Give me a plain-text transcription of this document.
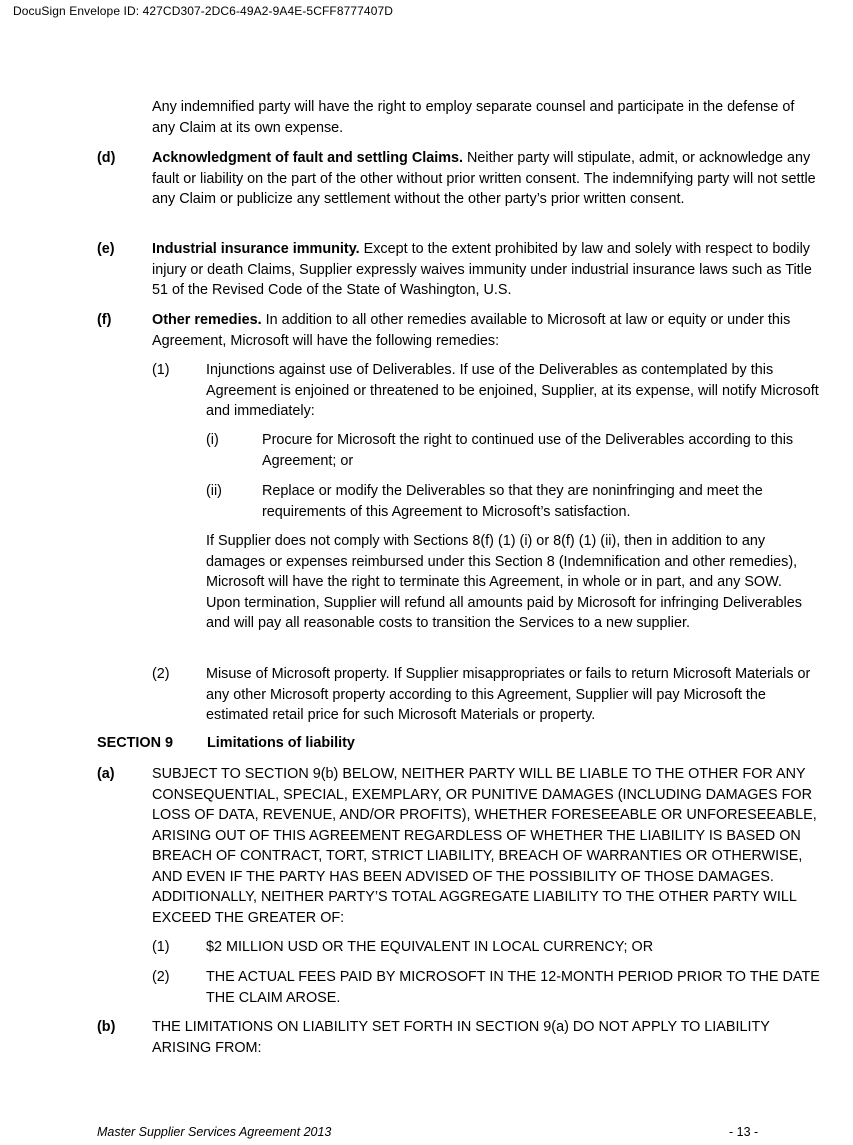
DocuSign Envelope ID: 427CD307-2DC6-49A2-9A4E-5CFF8777407D
Any indemnified party will have the right to employ separate counsel and participate in the defense of any Claim at its own expense.
(d)	Acknowledgment of fault and settling Claims. Neither party will stipulate, admit, or acknowledge any fault or liability on the part of the other without prior written consent. The indemnifying party will not settle any Claim or publicize any settlement without the other party’s prior written consent.
(e)	Industrial insurance immunity. Except to the extent prohibited by law and solely with respect to bodily injury or death Claims, Supplier expressly waives immunity under industrial insurance laws such as Title 51 of the Revised Code of the State of Washington, U.S.
(f)	Other remedies. In addition to all other remedies available to Microsoft at law or equity or under this Agreement, Microsoft will have the following remedies:
(1)	Injunctions against use of Deliverables. If use of the Deliverables as contemplated by this Agreement is enjoined or threatened to be enjoined, Supplier, at its expense, will notify Microsoft and immediately:
(i)	Procure for Microsoft the right to continued use of the Deliverables according to this Agreement; or
(ii)	Replace or modify the Deliverables so that they are noninfringing and meet the requirements of this Agreement to Microsoft’s satisfaction.
If Supplier does not comply with Sections 8(f) (1) (i) or 8(f) (1) (ii), then in addition to any damages or expenses reimbursed under this Section 8 (Indemnification and other remedies), Microsoft will have the right to terminate this Agreement, in whole or in part, and any SOW. Upon termination, Supplier will refund all amounts paid by Microsoft for infringing Deliverables and will pay all reasonable costs to transition the Services to a new supplier.
(2)	Misuse of Microsoft property. If Supplier misappropriates or fails to return Microsoft Materials or any other Microsoft property according to this Agreement, Supplier will pay Microsoft the estimated retail price for such Microsoft Materials or property.
SECTION 9 Limitations of liability
(a)	SUBJECT TO SECTION 9(b) BELOW, NEITHER PARTY WILL BE LIABLE TO THE OTHER FOR ANY CONSEQUENTIAL, SPECIAL, EXEMPLARY, OR PUNITIVE DAMAGES (INCLUDING DAMAGES FOR LOSS OF DATA, REVENUE, AND/OR PROFITS), WHETHER FORESEEABLE OR UNFORESEEABLE, ARISING OUT OF THIS AGREEMENT REGARDLESS OF WHETHER THE LIABILITY IS BASED ON BREACH OF CONTRACT, TORT, STRICT LIABILITY, BREACH OF WARRANTIES OR OTHERWISE, AND EVEN IF THE PARTY HAS BEEN ADVISED OF THE POSSIBILITY OF THOSE DAMAGES. ADDITIONALLY, NEITHER PARTY’S TOTAL AGGREGATE LIABILITY TO THE OTHER PARTY WILL EXCEED THE GREATER OF:
(1)	$2 MILLION USD OR THE EQUIVALENT IN LOCAL CURRENCY; OR
(2)	THE ACTUAL FEES PAID BY MICROSOFT IN THE 12-MONTH PERIOD PRIOR TO THE DATE THE CLAIM AROSE.
(b)	THE LIMITATIONS ON LIABILITY SET FORTH IN SECTION 9(a) DO NOT APPLY TO LIABILITY ARISING FROM:
Master Supplier Services Agreement 2013	- 13 -
